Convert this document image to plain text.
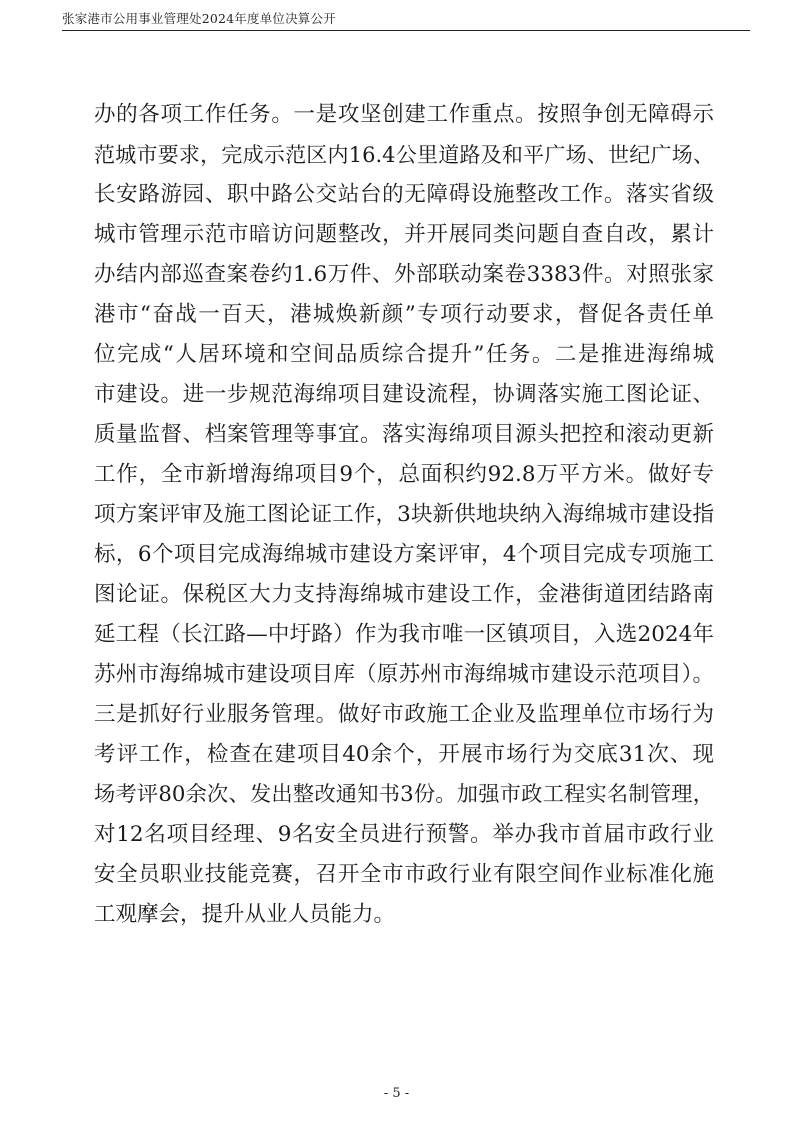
张家港市公用事业管理处2024年度单位决算公开
办的各项工作任务。一是攻坚创建工作重点。按照争创无障碍示
范城市要求，完成示范区内16.4公里道路及和平广场、世纪广场、
长安路游园、职中路公交站台的无障碍设施整改工作。落实省级
城市管理示范市暗访问题整改，并开展同类问题自查自改，累计
办结内部巡查案卷约1.6万件、外部联动案卷3383件。对照张家
港市“奋战一百天，港城焕新颜”专项行动要求，督促各责任单
位完成“人居环境和空间品质综合提升”任务。二是推进海绵城
市建设。进一步规范海绵项目建设流程，协调落实施工图论证、
质量监督、档案管理等事宜。落实海绵项目源头把控和滚动更新
工作，全市新增海绵项目9个，总面积约92.8万平方米。做好专
项方案评审及施工图论证工作，3块新供地块纳入海绵城市建设指
标，6个项目完成海绵城市建设方案评审，4个项目完成专项施工
图论证。保税区大力支持海绵城市建设工作，金港街道团结路南
延工程（长江路—中圩路）作为我市唯一区镇项目，入选2024年
苏州市海绵城市建设项目库（原苏州市海绵城市建设示范项目）。
三是抓好行业服务管理。做好市政施工企业及监理单位市场行为
考评工作，检查在建项目40余个，开展市场行为交底31次、现
场考评80余次、发出整改通知书3份。加强市政工程实名制管理，
对12名项目经理、9名安全员进行预警。举办我市首届市政行业
安全员职业技能竞赛，召开全市市政行业有限空间作业标准化施
工观摩会，提升从业人员能力。
- 5 -
